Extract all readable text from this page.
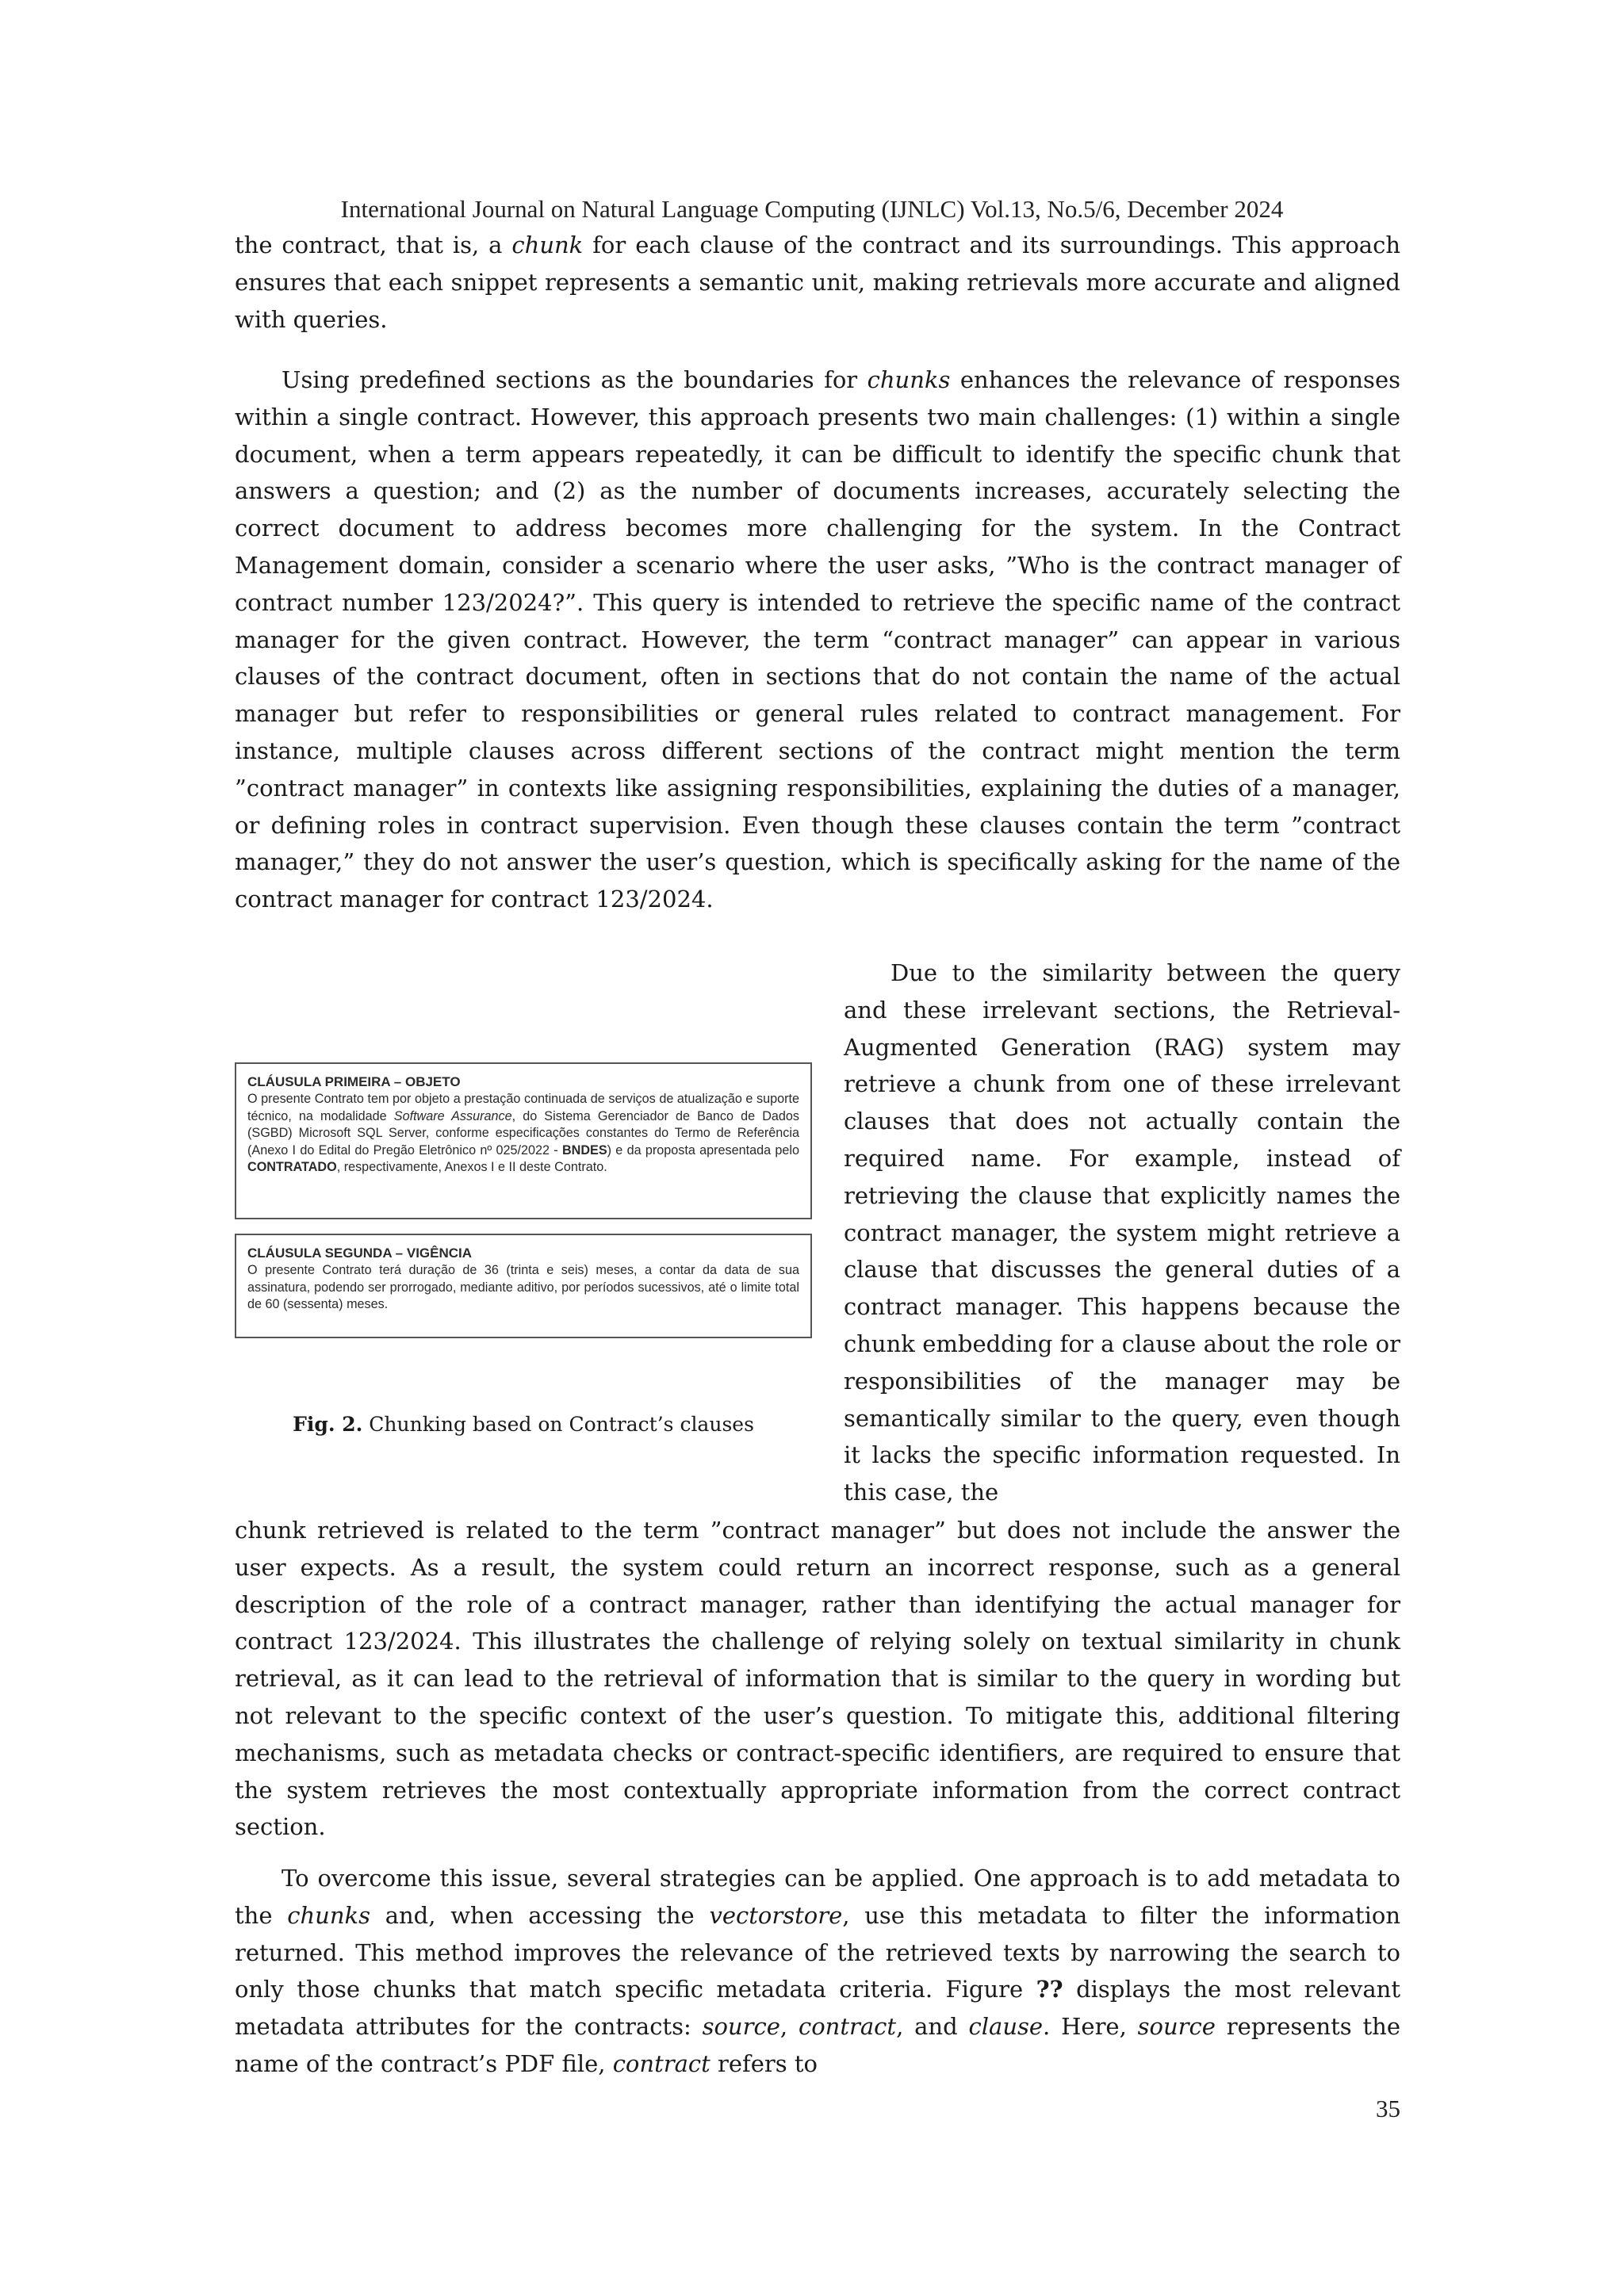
International Journal on Natural Language Computing (IJNLC) Vol.13, No.5/6, December 2024

the contract, that is, a chunk for each clause of the contract and its surroundings. This approach ensures that each snippet represents a semantic unit, making retrievals more accurate and aligned with queries.

Using predefined sections as the boundaries for chunks enhances the relevance of responses within a single contract. However, this approach presents two main challenges: (1) within a single document, when a term appears repeatedly, it can be difficult to identify the specific chunk that answers a question; and (2) as the number of documents increases, accurately selecting the correct document to address becomes more challenging for the system. In the Contract Management domain, consider a scenario where the user asks, ”Who is the contract manager of contract number 123/2024?”. This query is intended to retrieve the specific name of the contract manager for the given contract. However, the term “contract manager” can appear in various clauses of the contract document, often in sections that do not contain the name of the actual manager but refer to responsibilities or general rules related to contract management. For instance, multiple clauses across different sections of the contract might mention the term ”contract manager” in contexts like assigning responsibilities, explaining the duties of a manager, or defining roles in contract supervision. Even though these clauses contain the term ”contract manager,” they do not answer the user’s question, which is specifically asking for the name of the contract manager for contract 123/2024.

CLÁUSULA PRIMEIRA – OBJETO
O presente Contrato tem por objeto a prestação continuada de serviços de atualização e suporte técnico, na modalidade Software Assurance, do Sistema Gerenciador de Banco de Dados (SGBD) Microsoft SQL Server, conforme especificações constantes do Termo de Referência (Anexo I do Edital do Pregão Eletrônico nº 025/2022 - BNDES) e da proposta apresentada pelo CONTRATADO, respectivamente, Anexos I e II deste Contrato.
CLÁUSULA SEGUNDA – VIGÊNCIA
O presente Contrato terá duração de 36 (trinta e seis) meses, a contar da data de sua assinatura, podendo ser prorrogado, mediante aditivo, por períodos sucessivos, até o limite total de 60 (sessenta) meses.
Fig. 2. Chunking based on Contract’s clauses

Due to the similarity between the query and these irrelevant sections, the Retrieval-Augmented Generation (RAG) system may retrieve a chunk from one of these irrelevant clauses that does not actually contain the required name. For example, instead of retrieving the clause that explicitly names the contract manager, the system might retrieve a clause that discusses the general duties of a contract manager. This happens because the chunk embedding for a clause about the role or responsibilities of the manager may be semantically similar to the query, even though it lacks the specific information requested. In this case, the

chunk retrieved is related to the term ”contract manager” but does not include the answer the user expects. As a result, the system could return an incorrect response, such as a general description of the role of a contract manager, rather than identifying the actual manager for contract 123/2024. This illustrates the challenge of relying solely on textual similarity in chunk retrieval, as it can lead to the retrieval of information that is similar to the query in wording but not relevant to the specific context of the user’s question. To mitigate this, additional filtering mechanisms, such as metadata checks or contract-specific identifiers, are required to ensure that the system retrieves the most contextually appropriate information from the correct contract section.

To overcome this issue, several strategies can be applied. One approach is to add metadata to the chunks and, when accessing the vectorstore, use this metadata to filter the information returned. This method improves the relevance of the retrieved texts by narrowing the search to only those chunks that match specific metadata criteria. Figure ?? displays the most relevant metadata attributes for the contracts: source, contract, and clause. Here, source represents the name of the contract’s PDF file, contract refers to

35
